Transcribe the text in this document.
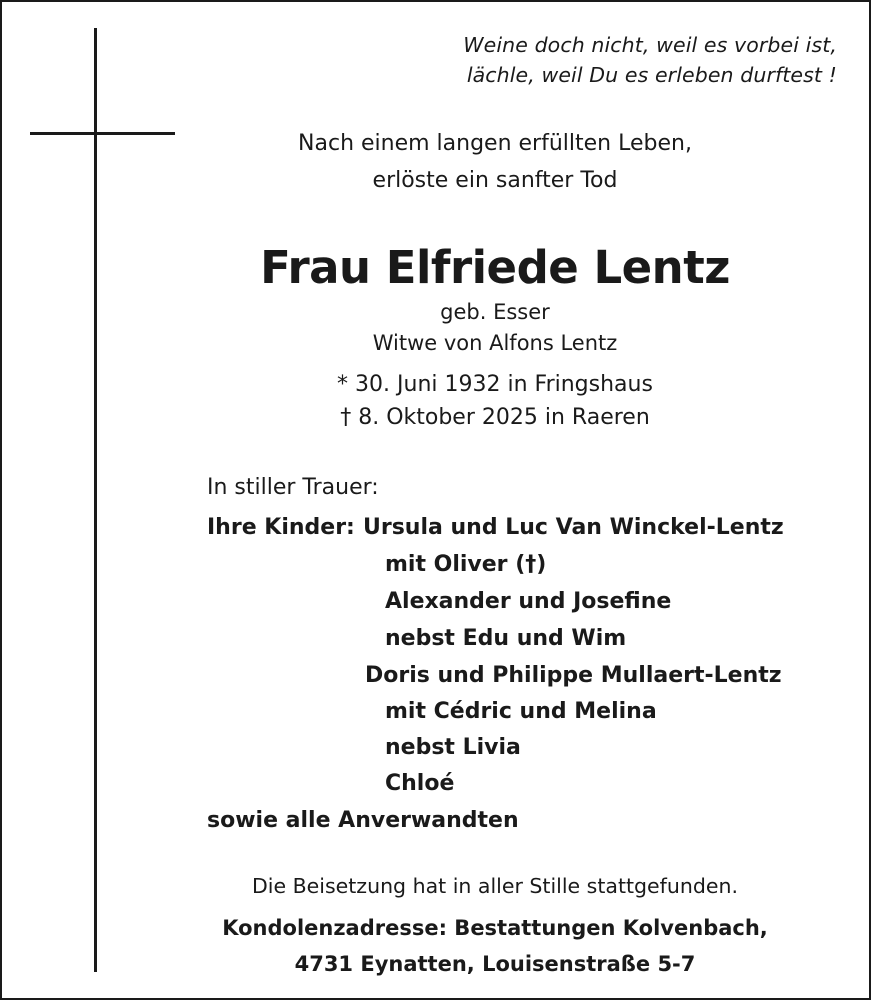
Weine doch nicht, weil es vorbei ist,
lächle, weil Du es erleben durftest !
Nach einem langen erfüllten Leben,
erlöste ein sanfter Tod
Frau Elfriede Lentz
geb. Esser
Witwe von Alfons Lentz
* 30. Juni 1932 in Fringshaus
† 8. Oktober 2025 in Raeren
In stiller Trauer:
Ihre Kinder: Ursula und Luc Van Winckel-Lentz
mit Oliver (†)
Alexander und Josefine
nebst Edu und Wim
Doris und Philippe Mullaert-Lentz
mit Cédric und Melina
nebst Livia
Chloé
sowie alle Anverwandten
Die Beisetzung hat in aller Stille stattgefunden.
Kondolenzadresse: Bestattungen Kolvenbach,
4731 Eynatten, Louisenstraße 5-7
